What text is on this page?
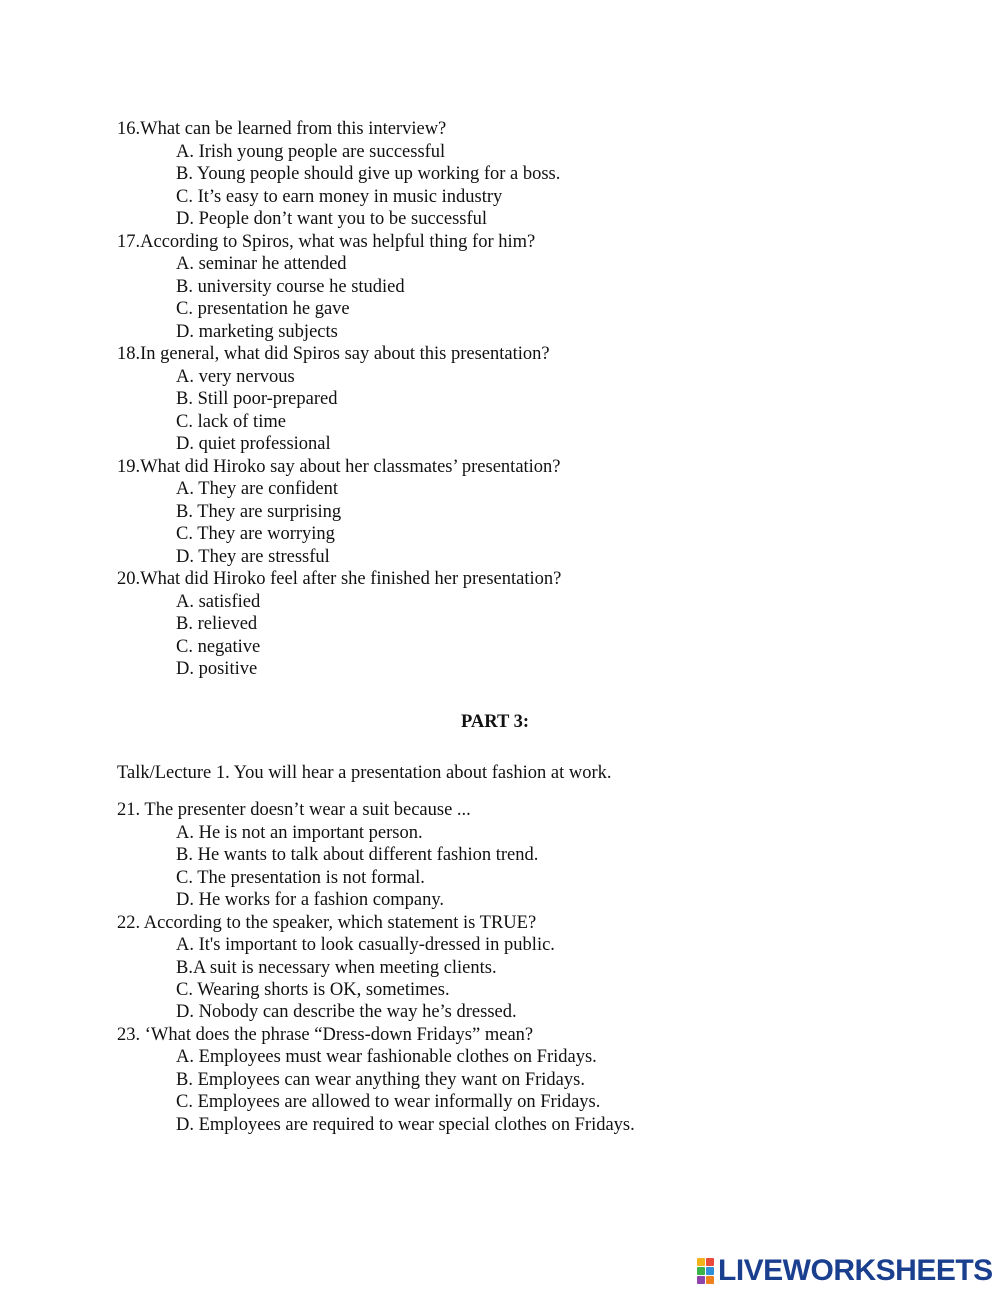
16.What can be learned from this interview?
A. Irish young people are successful
B. Young people should give up working for a boss.
C. It’s easy to earn money in music industry
D. People don’t want you to be successful
17.According to Spiros, what was helpful thing for him?
A. seminar he attended
B. university course he studied
C. presentation he gave
D. marketing subjects
18.In general, what did Spiros say about this presentation?
A. very nervous
B. Still poor-prepared
C. lack of time
D. quiet professional
19.What did Hiroko say about her classmates’ presentation?
A. They are confident
B. They are surprising
C. They are worrying
D. They are stressful
20.What did Hiroko feel after she finished her presentation?
A. satisfied
B. relieved
C. negative
D. positive
PART 3:
Talk/Lecture 1. You will hear a presentation about fashion at work.
21. The presenter doesn’t wear a suit because ...
A. He is not an important person.
B. He wants to talk about different fashion trend.
C. The presentation is not formal.
D. He works for a fashion company.
22. According to the speaker, which statement is TRUE?
A. It's important to look casually-dressed in public.
B.A suit is necessary when meeting clients.
C. Wearing shorts is OK, sometimes.
D. Nobody can describe the way he’s dressed.
23. ‘What does the phrase “Dress-down Fridays” mean?
A. Employees must wear fashionable clothes on Fridays.
B. Employees can wear anything they want on Fridays.
C. Employees are allowed to wear informally on Fridays.
D. Employees are required to wear special clothes on Fridays.
LIVEWORKSHEETS
